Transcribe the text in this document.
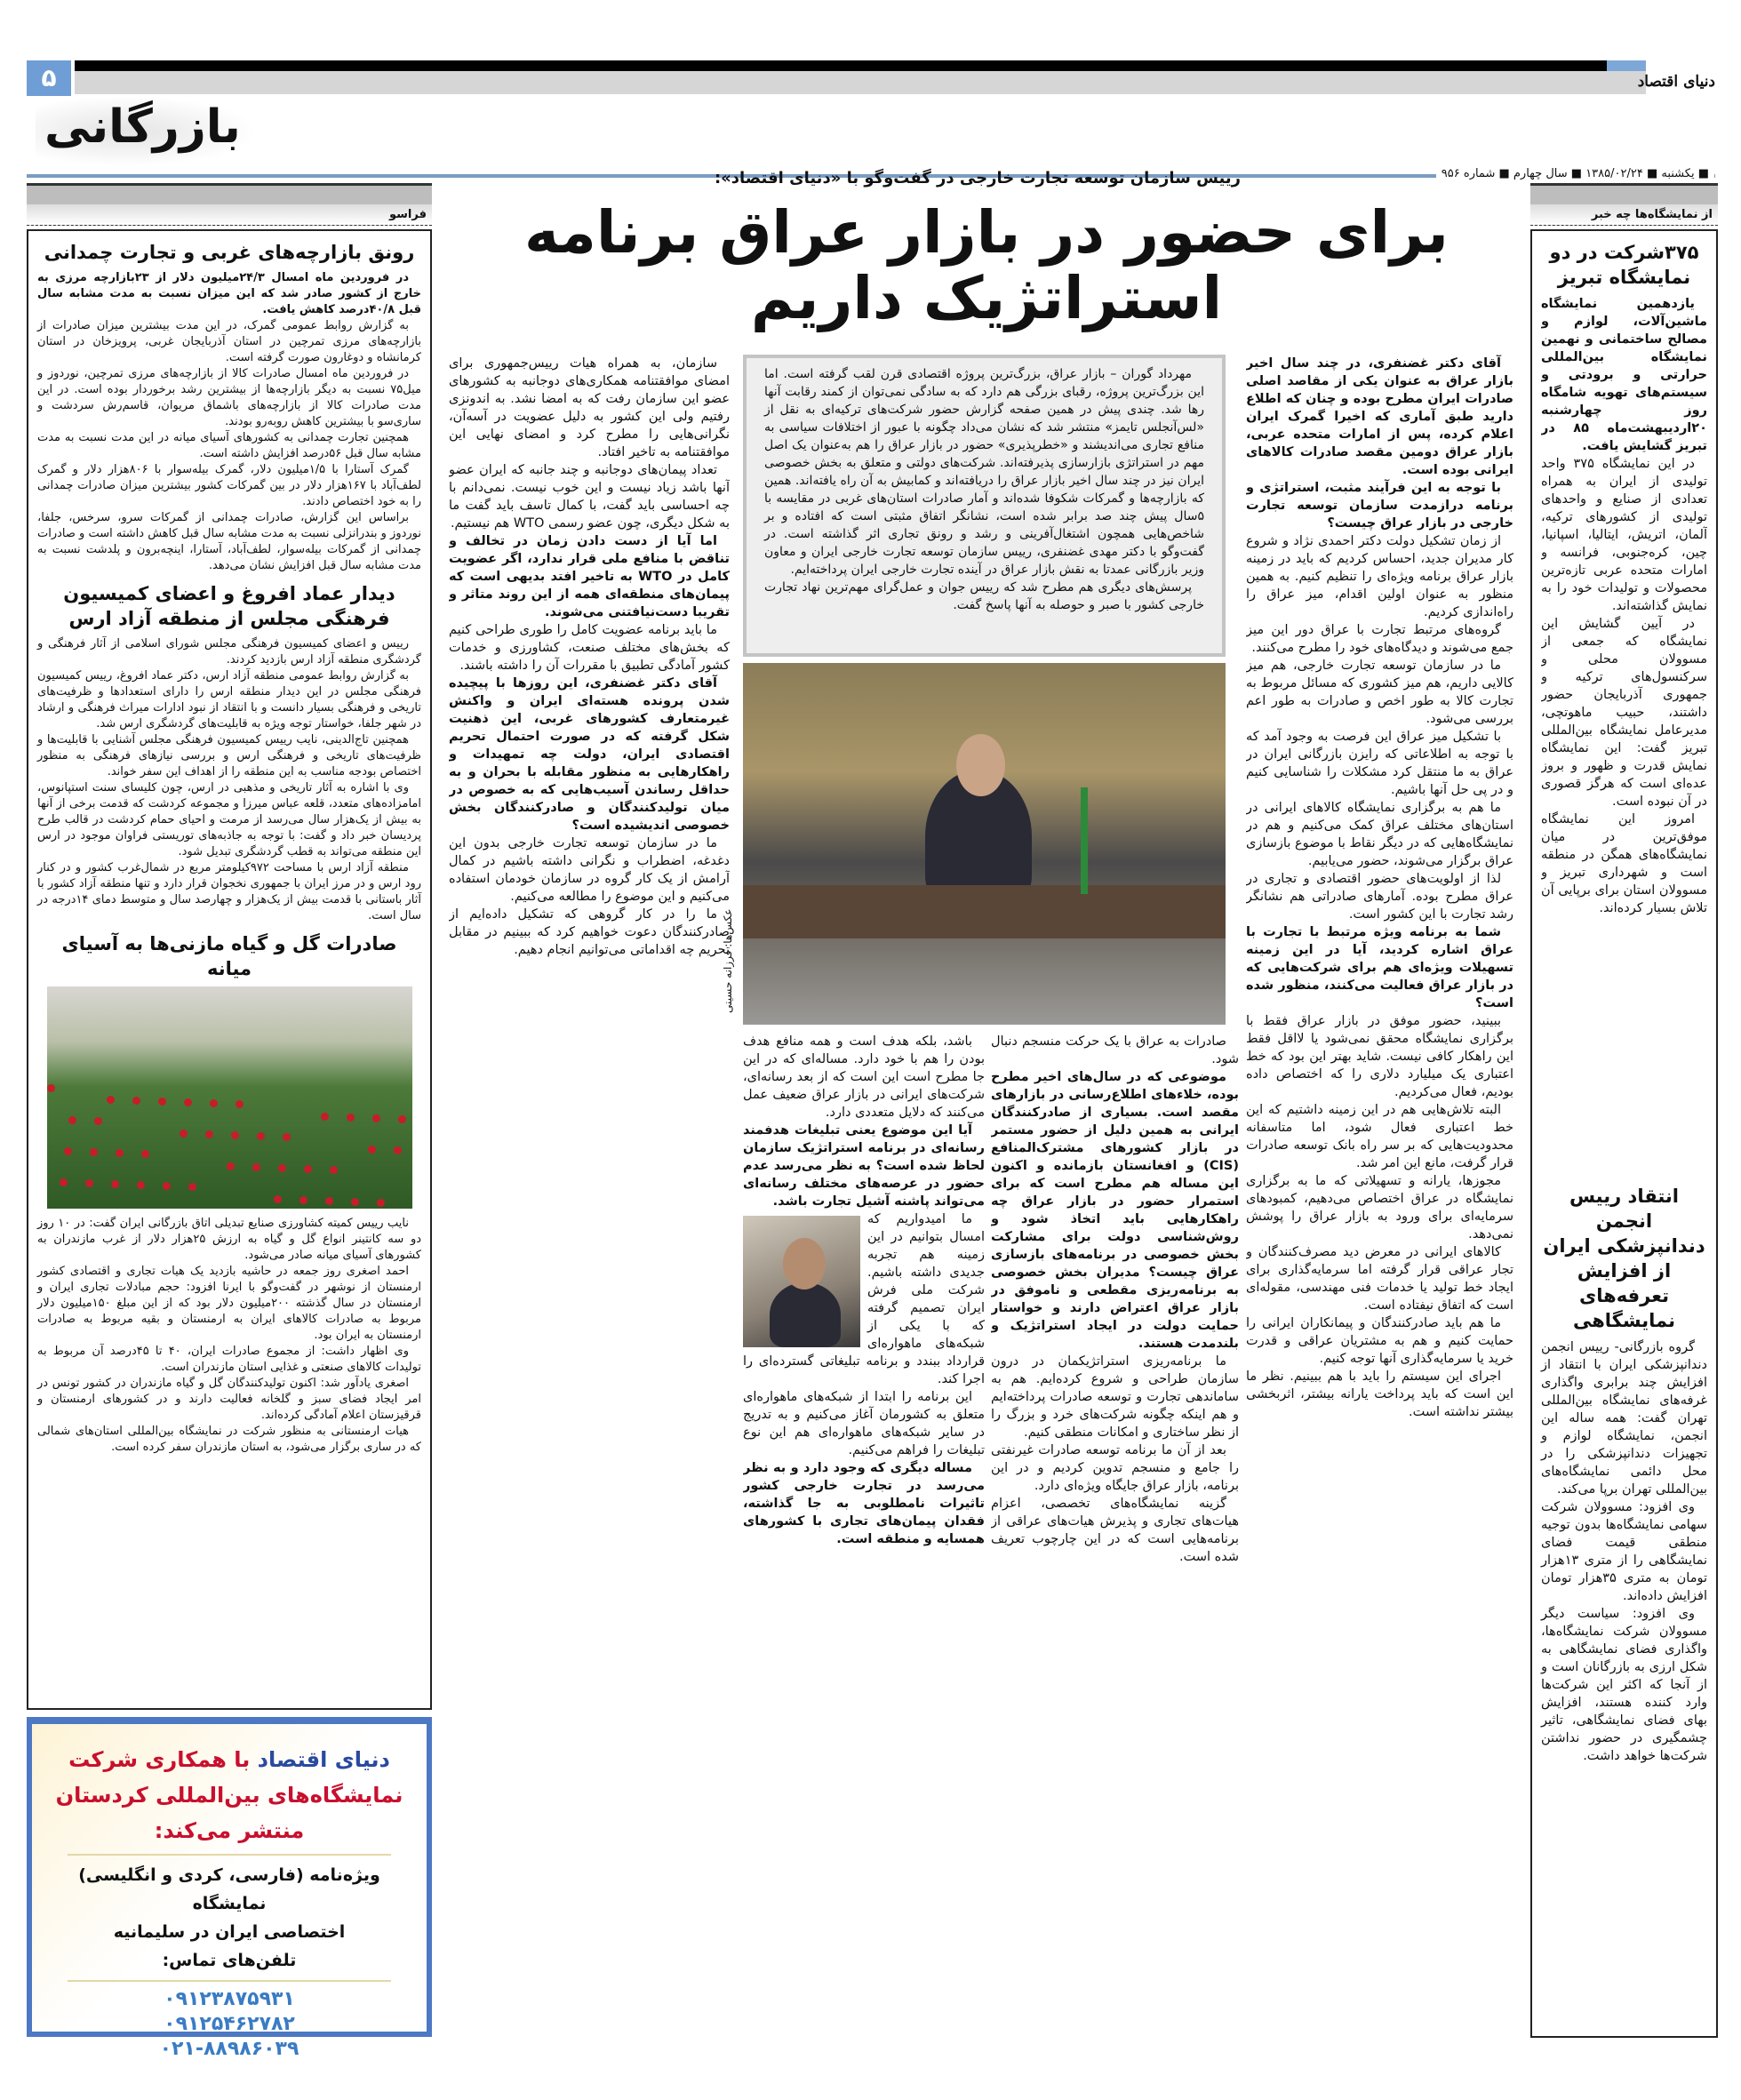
۵	دنیای اقتصاد
بازرگانی
■ یکشنبه ■ ۱۳۸۵/۰۲/۲۴ ■ سال چهارم ■ شماره ۹۵۶
فراسو	از نمایشگاه‌ها چه خبر
رییس سازمان توسعه تجارت خارجی در گفت‌وگو با «دنیای اقتصاد»:
برای حضور در بازار عراق برنامه
استراتژیک داریم

مهرداد گوران – بازار عراق، بزرگ‌ترین پروژه اقتصادی قرن لقب گرفته است. اما این بزرگ‌ترین پروژه، رقبای بزرگی هم دارد که به سادگی نمی‌توان از کمند رقابت آنها رها شد. چندی پیش در همین صفحه گزارش حضور شرکت‌های ترکیه‌ای به نقل از «لس‌آنجلس تایمز» منتشر شد که نشان می‌داد چگونه با عبور از اختلافات سیاسی به منافع تجاری می‌اندیشند و «خطرپذیری» حضور در بازار عراق را هم به‌عنوان یک اصل مهم در استراتژی بازارسازی پذیرفته‌اند. شرکت‌های دولتی و متعلق به بخش خصوصی ایران نیز در چند سال اخیر بازار عراق را دریافته‌اند و کمابیش به آن راه یافته‌اند. همین که بازارچه‌ها و گمرکات شکوفا شده‌اند و آمار صادرات استان‌های غربی در مقایسه با ۵سال پیش چند صد برابر شده است، نشانگر اتفاق مثبتی است که افتاده و بر شاخص‌هایی همچون اشتغال‌آفرینی و رشد و رونق تجاری اثر گذاشته است. در گفت‌وگو با دکتر مهدی غضنفری، رییس سازمان توسعه تجارت خارجی ایران و معاون وزیر بازرگانی عمدتا به نقش بازار عراق در آینده تجارت خارجی ایران پرداخته‌ایم.

پرسش‌های دیگری هم مطرح شد که رییس جوان و عمل‌گرای مهم‌ترین نهاد تجارت خارجی کشور با صبر و حوصله به آنها پاسخ گفت.

عکس‌ها: فرزانه حسینی

آقای دکتر غضنفری، در چند سال اخیر بازار عراق به عنوان یکی از مقاصد اصلی صادرات ایران مطرح بوده و چنان که اطلاع دارید طبق آماری که اخیرا گمرک ایران اعلام کرده، پس از امارات متحده عربی، بازار عراق دومین مقصد صادرات کالاهای ایرانی بوده است.

با توجه به این فرآیند مثبت، استراتژی و برنامه درازمدت سازمان توسعه تجارت خارجی در بازار عراق چیست؟

از زمان تشکیل دولت دکتر احمدی نژاد و شروع کار مدیران جدید، احساس کردیم که باید در زمینه بازار عراق برنامه ویژه‌ای را تنظیم کنیم. به همین منظور به عنوان اولین اقدام، میز عراق را راه‌اندازی کردیم.

گروه‌های مرتبط تجارت با عراق دور این میز جمع می‌شوند و دیدگاه‌های خود را مطرح می‌کنند.

ما در سازمان توسعه تجارت خارجی، هم میز کالایی داریم، هم میز کشوری که مسائل مربوط به تجارت کالا به طور اخص و صادرات به طور اعم بررسی می‌شود.

با تشکیل میز عراق این فرصت به وجود آمد که با توجه به اطلاعاتی که رایزن بازرگانی ایران در عراق به ما منتقل کرد مشکلات را شناسایی کنیم و در پی حل آنها باشیم.

ما هم به برگزاری نمایشگاه کالاهای ایرانی در استان‌های مختلف عراق کمک می‌کنیم و هم در نمایشگاه‌هایی که در دیگر نقاط با موضوع بازسازی عراق برگزار می‌شوند، حضور می‌یابیم.

لذا از اولویت‌های حضور اقتصادی و تجاری در عراق مطرح بوده. آمارهای صادراتی هم نشانگر رشد تجارت با این کشور است.

شما به برنامه ویژه مرتبط با تجارت با عراق اشاره کردید، آیا در این زمینه تسهیلات ویژه‌ای هم برای شرکت‌هایی که در بازار عراق فعالیت می‌کنند، منظور شده است؟

ببینید، حضور موفق در بازار عراق فقط با برگزاری نمایشگاه محقق نمی‌شود یا لااقل فقط این راهکار کافی نیست. شاید بهتر این بود که خط اعتباری یک میلیارد دلاری را که اختصاص داده بودیم، فعال می‌کردیم.

البته تلاش‌هایی هم در این زمینه داشتیم که این خط اعتباری فعال شود، اما متاسفانه محدودیت‌هایی که بر سر راه بانک توسعه صادرات قرار گرفت، مانع این امر شد.

مجوزها، یارانه و تسهیلاتی که ما به برگزاری نمایشگاه در عراق اختصاص می‌دهیم، کمبودهای سرمایه‌ای برای ورود به بازار عراق را پوشش نمی‌دهد.

کالاهای ایرانی در معرض دید مصرف‌کنندگان و تجار عراقی قرار گرفته اما سرمایه‌گذاری برای ایجاد خط تولید یا خدمات فنی مهندسی، مقوله‌ای است که اتفاق نیفتاده است.

ما هم باید صادرکنندگان و پیمانکاران ایرانی را حمایت کنیم و هم به مشتریان عراقی و قدرت خرید یا سرمایه‌گذاری آنها توجه کنیم.

اجرای این سیستم را باید با هم ببینیم. نظر ما این است که باید پرداخت یارانه بیشتر، اثربخشی بیشتر نداشته است.

صادرات به عراق با یک حرکت منسجم دنبال شود.

موضوعی که در سال‌های اخیر مطرح بوده، خلاءهای اطلاع‌رسانی در بازارهای مقصد است. بسیاری از صادرکنندگان ایرانی به همین دلیل از حضور مستمر در بازار کشورهای مشترک‌المنافع (CIS) و افغانستان بازمانده و اکنون این مساله هم مطرح است که برای استمرار حضور در بازار عراق چه راهکارهایی باید اتخاذ شود و روش‌شناسی دولت برای مشارکت بخش خصوصی در برنامه‌های بازسازی عراق چیست؟ مدیران بخش خصوصی به برنامه‌ریزی مقطعی و ناموفق در بازار عراق اعتراض دارند و خواستار حمایت دولت در ایجاد استراتژیک و بلندمدت هستند.

ما برنامه‌ریزی استراتژیکمان در درون سازمان طراحی و شروع کرده‌ایم. هم به ساماندهی تجارت و توسعه صادرات پرداخته‌ایم و هم اینکه چگونه شرکت‌های خرد و بزرگ را از نظر ساختاری و امکانات منطقی کنیم.

بعد از آن ما برنامه توسعه صادرات غیرنفتی را جامع و منسجم تدوین کردیم و در این برنامه، بازار عراق جایگاه ویژه‌ای دارد.

گزینه نمایشگاه‌های تخصصی، اعزام هیات‌های تجاری و پذیرش هیات‌های عراقی از برنامه‌هایی است که در این چارچوب تعریف شده است.

باشد، بلکه هدف است و همه منافع هدف بودن را هم با خود دارد. مساله‌ای که در این جا مطرح است این است که از بعد رسانه‌ای، شرکت‌های ایرانی در بازار عراق ضعیف عمل می‌کنند که دلایل متعددی دارد.

آیا این موضوع یعنی تبلیغات هدفمند رسانه‌ای در برنامه استراتژیک سازمان لحاظ شده است؟ به نظر می‌رسد عدم حضور در عرصه‌های مختلف رسانه‌ای می‌تواند پاشنه آشیل تجارت باشد.

ما امیدواریم که امسال بتوانیم در این زمینه هم تجربه جدیدی داشته باشیم. شرکت ملی فرش ایران تصمیم گرفته که با یکی از شبکه‌های ماهواره‌ای قرارداد ببندد و برنامه تبلیغاتی گسترده‌ای را اجرا کند.

این برنامه را ابتدا از شبکه‌های ماهواره‌ای متعلق به کشورمان آغاز می‌کنیم و به تدریج در سایر شبکه‌های ماهواره‌ای هم این نوع تبلیغات را فراهم می‌کنیم.

مساله دیگری که وجود دارد و به نظر می‌رسد در تجارت خارجی کشور تاثیرات نامطلوبی به جا گذاشته، فقدان پیمان‌های تجاری با کشورهای همسایه و منطقه است.

سازمان، به همراه هیات رییس‌جمهوری برای امضای موافقتنامه همکاری‌های دوجانبه به کشورهای عضو این سازمان رفت که به امضا نشد. به اندونزی رفتیم ولی این کشور به دلیل عضویت در آسه‌آن، نگرانی‌هایی را مطرح کرد و امضای نهایی این موافقتنامه به تاخیر افتاد.

تعداد پیمان‌های دوجانبه و چند جانبه که ایران عضو آنها باشد زیاد نیست و این خوب نیست. نمی‌دانم با چه احساسی باید گفت، با کمال تاسف باید گفت ما به شکل دیگری، چون عضو رسمی WTO هم نیستیم.

اما آیا از دست دادن زمان در تخالف و تناقض با منافع ملی قرار ندارد، اگر عضویت کامل در WTO به تاخیر افتد بدیهی است که پیمان‌های منطقه‌ای همه از این روند متاثر و تقریبا دست‌نیافتنی می‌شوند.

ما باید برنامه عضویت کامل را طوری طراحی کنیم که بخش‌های مختلف صنعت، کشاورزی و خدمات کشور آمادگی تطبیق با مقررات آن را داشته باشند.

آقای دکتر غضنفری، این روزها با پیچیده شدن پرونده هسته‌ای ایران و واکنش غیرمتعارف کشورهای غربی، این ذهنیت شکل گرفته که در صورت احتمال تحریم اقتصادی ایران، دولت چه تمهیدات و راهکارهایی به منظور مقابله با بحران و به حداقل رساندن آسیب‌هایی که به خصوص در میان تولیدکنندگان و صادرکنندگان بخش خصوصی اندیشیده است؟

ما در سازمان توسعه تجارت خارجی بدون این دغدغه، اضطراب و نگرانی داشته باشیم در کمال آرامش از یک کار گروه در سازمان خودمان استفاده می‌کنیم و این موضوع را مطالعه می‌کنیم.

ما را در کار گروهی که تشکیل داده‌ایم از صادرکنندگان دعوت خواهیم کرد که ببینیم در مقابل تحریم چه اقداماتی می‌توانیم انجام دهیم.

رونق بازارچه‌های غربی و تجارت چمدانی

در فروردین ماه امسال ۲۴/۳میلیون دلار از ۲۳بازارچه مرزی به خارج از کشور صادر شد که این میزان نسبت به مدت مشابه سال قبل ۴۰/۸درصد کاهش یافت.

به گزارش روابط عمومی گمرک، در این مدت بیشترین میزان صادرات از بازارچه‌های مرزی تمرچین در استان آذربایجان غربی، پرویزخان در استان کرمانشاه و دوغارون صورت گرفته است.

در فروردین ماه امسال صادرات کالا از بازارچه‌های مرزی تمرچین، نوردوز و میل۷۵ نسبت به دیگر بازارچه‌ها از بیشترین رشد برخوردار بوده است. در این مدت صادرات کالا از بازارچه‌های باشماق مریوان، قاسم‌رش سردشت و ساری‌سو با بیشترین کاهش روبه‌رو بودند.

همچنین تجارت چمدانی به کشورهای آسیای میانه در این مدت نسبت به مدت مشابه سال قبل ۵۶درصد افزایش داشته است.

گمرک آستارا با ۱/۵میلیون دلار، گمرک بیله‌سوار با ۸۰۶هزار دلار و گمرک لطف‌آباد با ۱۶۷هزار دلار در بین گمرکات کشور بیشترین میزان صادرات چمدانی را به خود اختصاص دادند.

براساس این گزارش، صادرات چمدانی از گمرکات سرو، سرخس، جلفا، نوردوز و بندرانزلی نسبت به مدت مشابه سال قبل کاهش داشته است و صادرات چمدانی از گمرکات بیله‌سوار، لطف‌آباد، آستارا، اینچه‌برون و پلدشت نسبت به مدت مشابه سال قبل افزایش نشان می‌دهد.

دیدار عماد افروغ و اعضای کمیسیون فرهنگی مجلس از منطقه آزاد ارس

رییس و اعضای کمیسیون فرهنگی مجلس شورای اسلامی از آثار فرهنگی و گردشگری منطقه آزاد ارس بازدید کردند.

به گزارش روابط عمومی منطقه آزاد ارس، دکتر عماد افروغ، رییس کمیسیون فرهنگی مجلس در این دیدار منطقه ارس را دارای استعدادها و ظرفیت‌های تاریخی و فرهنگی بسیار دانست و با انتقاد از نبود ادارات میراث فرهنگی و ارشاد در شهر جلفا، خواستار توجه ویژه به قابلیت‌های گردشگری ارس شد.

همچنین تاج‌الدینی، نایب رییس کمیسیون فرهنگی مجلس آشنایی با قابلیت‌ها و ظرفیت‌های تاریخی و فرهنگی ارس و بررسی نیازهای فرهنگی به منظور اختصاص بودجه مناسب به این منطقه را از اهداف این سفر خواند.

وی با اشاره به آثار تاریخی و مذهبی در ارس، چون کلیسای سنت استپانوس، امامزاده‌های متعدد، قلعه عباس میرزا و مجموعه کردشت که قدمت برخی از آنها به بیش از یک‌هزار سال می‌رسد از مرمت و احیای حمام کردشت در قالب طرح پردیسان خبر داد و گفت: با توجه به جاذبه‌های توریستی فراوان موجود در ارس این منطقه می‌تواند به قطب گردشگری تبدیل شود.

منطقه آزاد ارس با مساحت ۹۷۲کیلومتر مربع در شمال‌غرب کشور و در کنار رود ارس و در مرز ایران با جمهوری نخجوان قرار دارد و تنها منطقه آزاد کشور با آثار باستانی با قدمت بیش از یک‌هزار و چهارصد سال و متوسط دمای ۱۴درجه در سال است.

صادرات گل و گیاه مازنی‌ها به آسیای میانه

نایب رییس کمیته کشاورزی صنایع تبدیلی اتاق بازرگانی ایران گفت: در ۱۰ روز دو سه کانتینر انواع گل و گیاه به ارزش ۲۵هزار دلار از غرب مازندران به کشورهای آسیای میانه صادر می‌شود.

احمد اصغری روز جمعه در حاشیه بازدید یک هیات تجاری و اقتصادی کشور ارمنستان از نوشهر در گفت‌وگو با ایرنا افزود: حجم مبادلات تجاری ایران و ارمنستان در سال گذشته ۲۰۰میلیون دلار بود که از این مبلغ ۱۵۰میلیون دلار مربوط به صادرات کالاهای ایران به ارمنستان و بقیه مربوط به صادرات ارمنستان به ایران بود.

وی اظهار داشت: از مجموع صادرات ایران، ۴۰ تا ۴۵درصد آن مربوط به تولیدات کالاهای صنعتی و غذایی استان مازندران است.

اصغری یادآور شد: اکنون تولیدکنندگان گل و گیاه مازندران در کشور تونس در امر ایجاد فضای سبز و گلخانه فعالیت دارند و در کشورهای ارمنستان و قرقیزستان اعلام آمادگی کرده‌اند.

هیات ارمنستانی به منظور شرکت در نمایشگاه بین‌المللی استان‌های شمالی که در ساری برگزار می‌شود، به استان مازندران سفر کرده است.

دنیای اقتصاد با همکاری شرکت
نمایشگاه‌های بین‌المللی کردستان
منتشر می‌کند:
ویژه‌نامه (فارسی، کردی و انگلیسی) نمایشگاه
اختصاصی ایران در سلیمانیه
تلفن‌های تماس:
۰۹۱۲۳۸۷۵۹۳۱
۰۹۱۲۵۴۶۲۷۸۲
۰۲۱-۸۸۹۸۶۰۳۹
۳۷۵شرکت در دو نمایشگاه تبریز

یازدهمین نمایشگاه ماشین‌آلات، لوازم و مصالح ساختمانی و نهمین نمایشگاه بین‌المللی حرارتی و برودتی و سیستم‌های تهویه شامگاه روز چهارشنبه ۲۰اردیبهشت‌ماه ۸۵ در تبریز گشایش یافت.

در این نمایشگاه ۳۷۵ واحد تولیدی از ایران به همراه تعدادی از صنایع و واحدهای تولیدی از کشورهای ترکیه، آلمان، اتریش، ایتالیا، اسپانیا، چین، کره‌جنوبی، فرانسه و امارات متحده عربی تازه‌ترین محصولات و تولیدات خود را به نمایش گذاشته‌اند.

در آیین گشایش این نمایشگاه که جمعی از مسوولان محلی و سرکنسول‌های ترکیه و جمهوری آذربایجان حضور داشتند، حبیب ماهوتچی، مدیرعامل نمایشگاه بین‌المللی تبریز گفت: این نمایشگاه نمایش قدرت و ظهور و بروز عده‌ای است که هرگز قصوری در آن نبوده است.

امروز این نمایشگاه موفق‌ترین در میان نمایشگاه‌های همگن در منطقه است و شهرداری تبریز و مسوولان استان برای برپایی آن تلاش بسیار کرده‌اند.

انتقاد رییس انجمن دندانپزشکی ایران از افزایش تعرفه‌های نمایشگاهی

گروه بازرگانی- رییس انجمن دندانپزشکی ایران با انتقاد از افزایش چند برابری واگذاری غرفه‌های نمایشگاه بین‌المللی تهران گفت: همه ساله این انجمن، نمایشگاه لوازم و تجهیزات دندانپزشکی را در محل دائمی نمایشگاه‌های بین‌المللی تهران برپا می‌کند.

وی افزود: مسوولان شرکت سهامی نمایشگاه‌ها بدون توجیه منطقی قیمت فضای نمایشگاهی را از متری ۱۳هزار تومان به متری ۳۵هزار تومان افزایش داده‌اند.

وی افزود: سیاست دیگر مسوولان شرکت نمایشگاه‌ها، واگذاری فضای نمایشگاهی به شکل ارزی به بازرگانان است و از آنجا که اکثر این شرکت‌ها وارد کننده هستند، افزایش بهای فضای نمایشگاهی، تاثیر چشمگیری در حضور نداشتن شرکت‌ها خواهد داشت.
